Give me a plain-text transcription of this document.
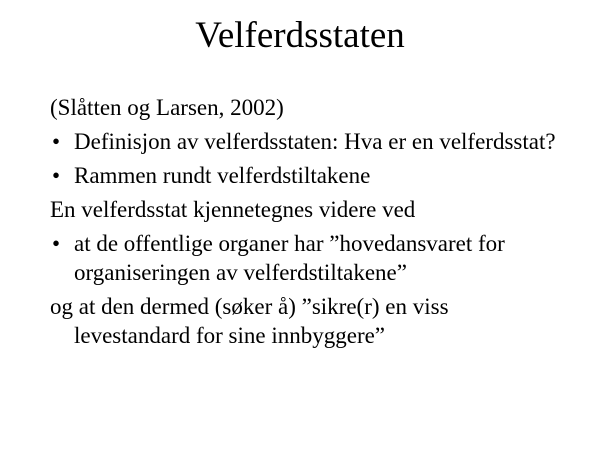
Velferdsstaten

(Slåtten og Larsen, 2002)

• Definisjon av velferdsstaten: Hva er en velferdsstat?
• Rammen rundt velferdstiltakene

En velferdsstat kjennetegnes videre ved

• at de offentlige organer har ”hovedansvaret for organiseringen av velferdstiltakene”

og at den dermed (søker å) ”sikre(r) en viss levestandard for sine innbyggere”
